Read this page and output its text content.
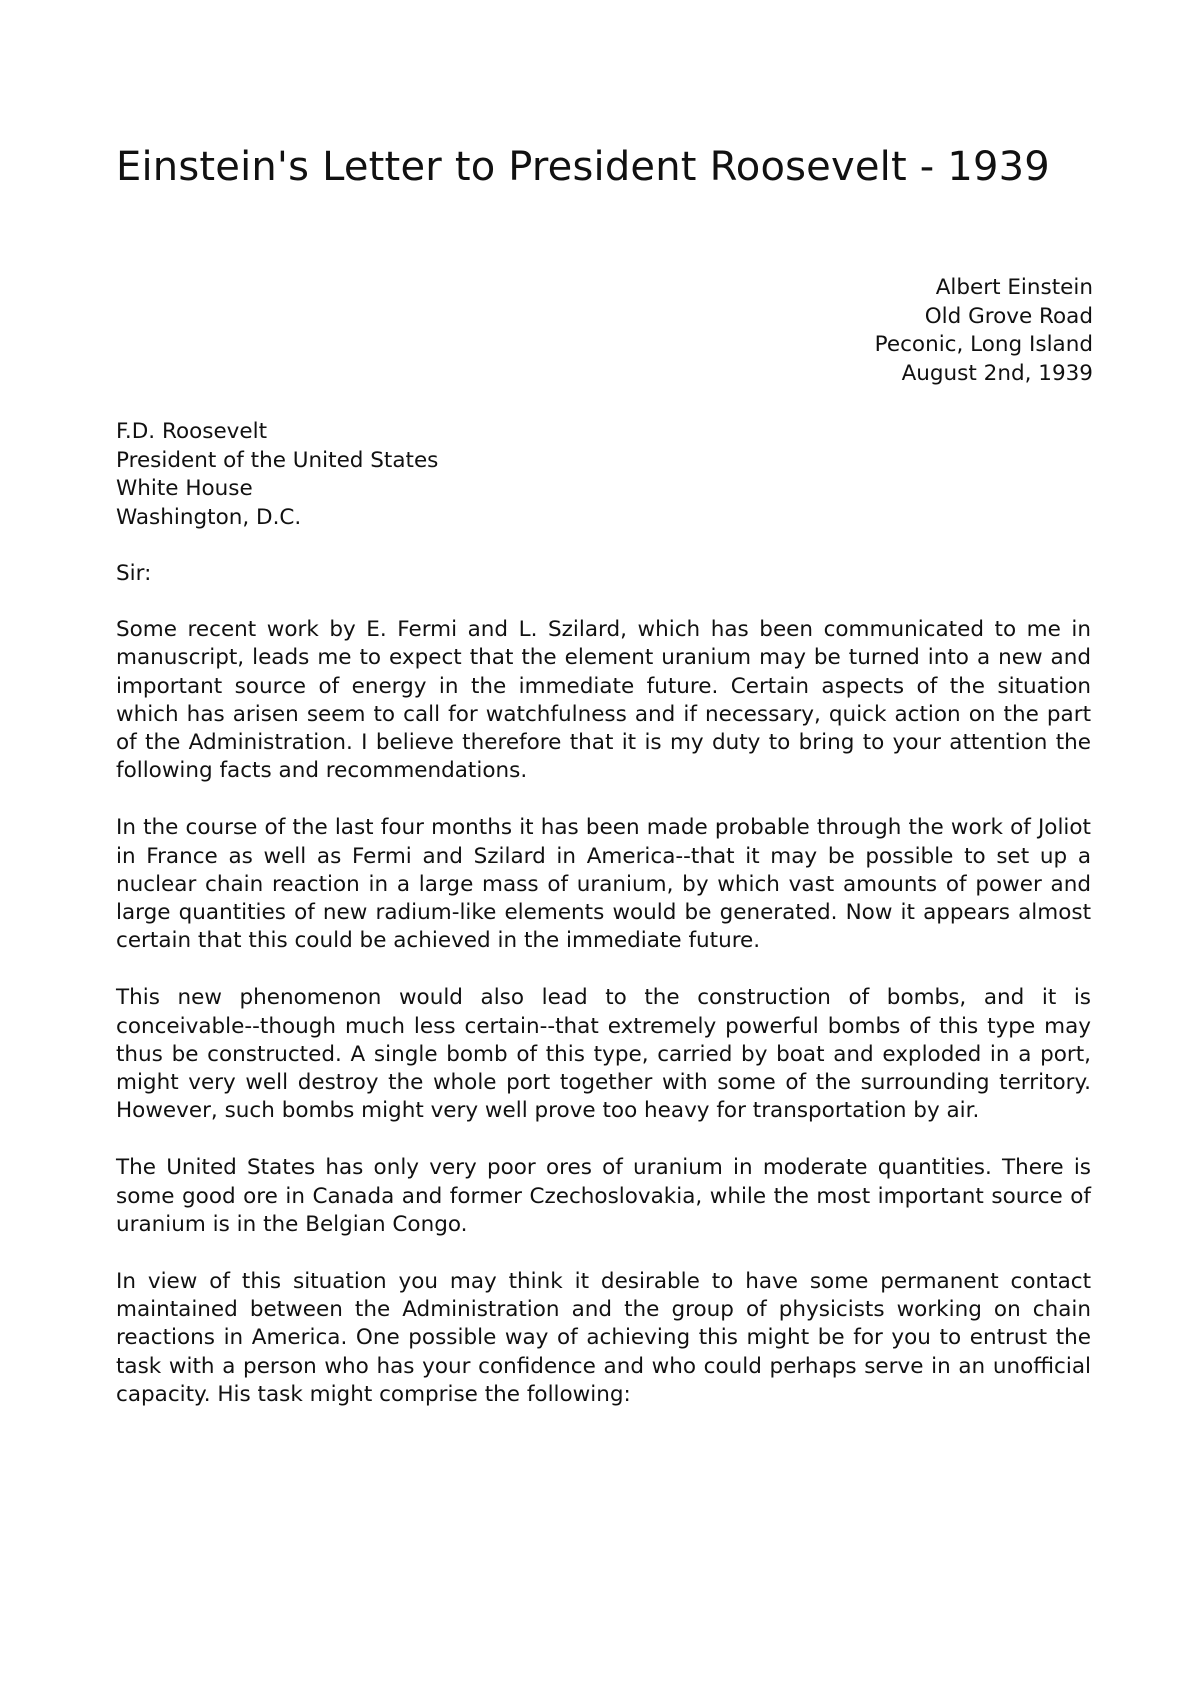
Einstein's Letter to President Roosevelt - 1939
Albert Einstein
Old Grove Road
Peconic, Long Island
August 2nd, 1939
F.D. Roosevelt
President of the United States
White House
Washington, D.C.
Sir:

Some recent work by E. Fermi and L. Szilard, which has been communicated to me in manuscript, leads me to expect that the element uranium may be turned into a new and important source of energy in the immediate future. Certain aspects of the situation which has arisen seem to call for watchfulness and if necessary, quick action on the part of the Administration. I believe therefore that it is my duty to bring to your attention the following facts and recommendations.

In the course of the last four months it has been made probable through the work of Joliot in France as well as Fermi and Szilard in America--that it may be possible to set up a nuclear chain reaction in a large mass of uranium, by which vast amounts of power and large quantities of new radium-like elements would be generated. Now it appears almost certain that this could be achieved in the immediate future.

This new phenomenon would also lead to the construction of bombs, and it is conceivable--though much less certain--that extremely powerful bombs of this type may thus be constructed. A single bomb of this type, carried by boat and exploded in a port, might very well destroy the whole port together with some of the surrounding territory. However, such bombs might very well prove too heavy for transportation by air.

The United States has only very poor ores of uranium in moderate quantities. There is some good ore in Canada and former Czechoslovakia, while the most important source of uranium is in the Belgian Congo.

In view of this situation you may think it desirable to have some permanent contact maintained between the Administration and the group of physicists working on chain reactions in America. One possible way of achieving this might be for you to entrust the task with a person who has your confidence and who could perhaps serve in an unofficial capacity. His task might comprise the following:
